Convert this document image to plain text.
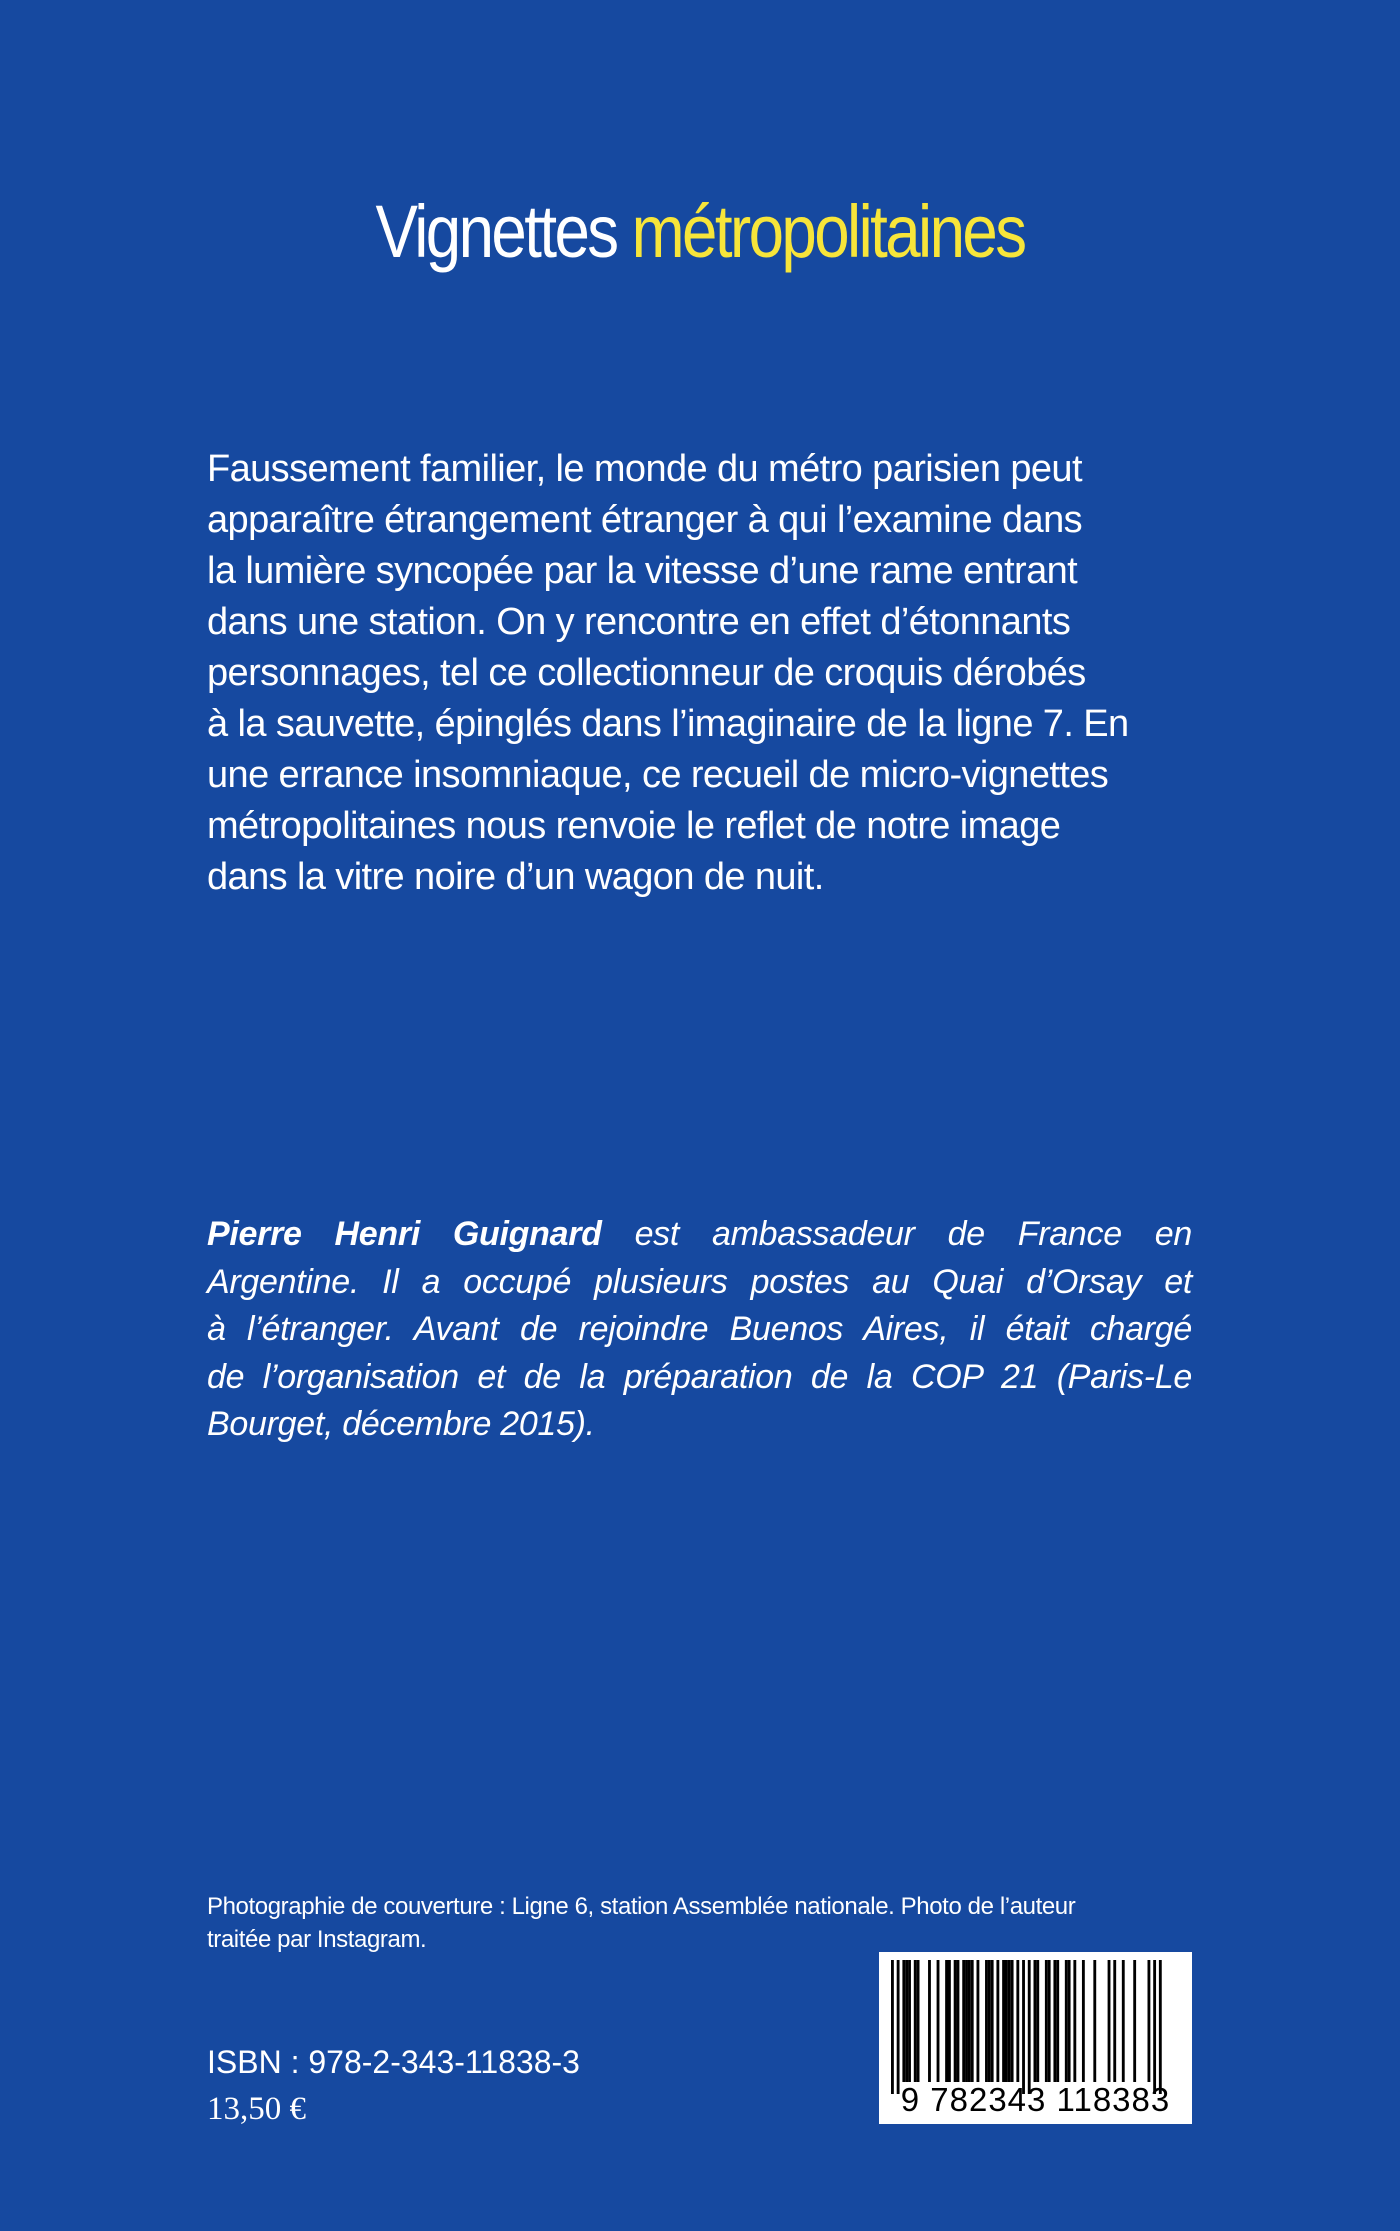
Vignettes métropolitaines

Faussement familier, le monde du métro parisien peut
apparaître étrangement étranger à qui l’examine dans
la lumière syncopée par la vitesse d’une rame entrant
dans une station. On y rencontre en effet d’étonnants
personnages, tel ce collectionneur de croquis dérobés
à la sauvette, épinglés dans l’imaginaire de la ligne 7. En
une errance insomniaque, ce recueil de micro-vignettes
métropolitaines nous renvoie le reflet de notre image
dans la vitre noire d’un wagon de nuit.

Pierre Henri Guignard est ambassadeur de France en
Argentine. Il a occupé plusieurs postes au Quai d’Orsay et
à l’étranger. Avant de rejoindre Buenos Aires, il était chargé
de l’organisation et de la préparation de la COP 21 (Paris-Le
Bourget, décembre 2015).

Photographie de couverture : Ligne 6, station Assemblée nationale. Photo de l’auteur
traitée par Instagram.

ISBN : 978-2-343-11838-3
13,50 €	9 782343 118383
